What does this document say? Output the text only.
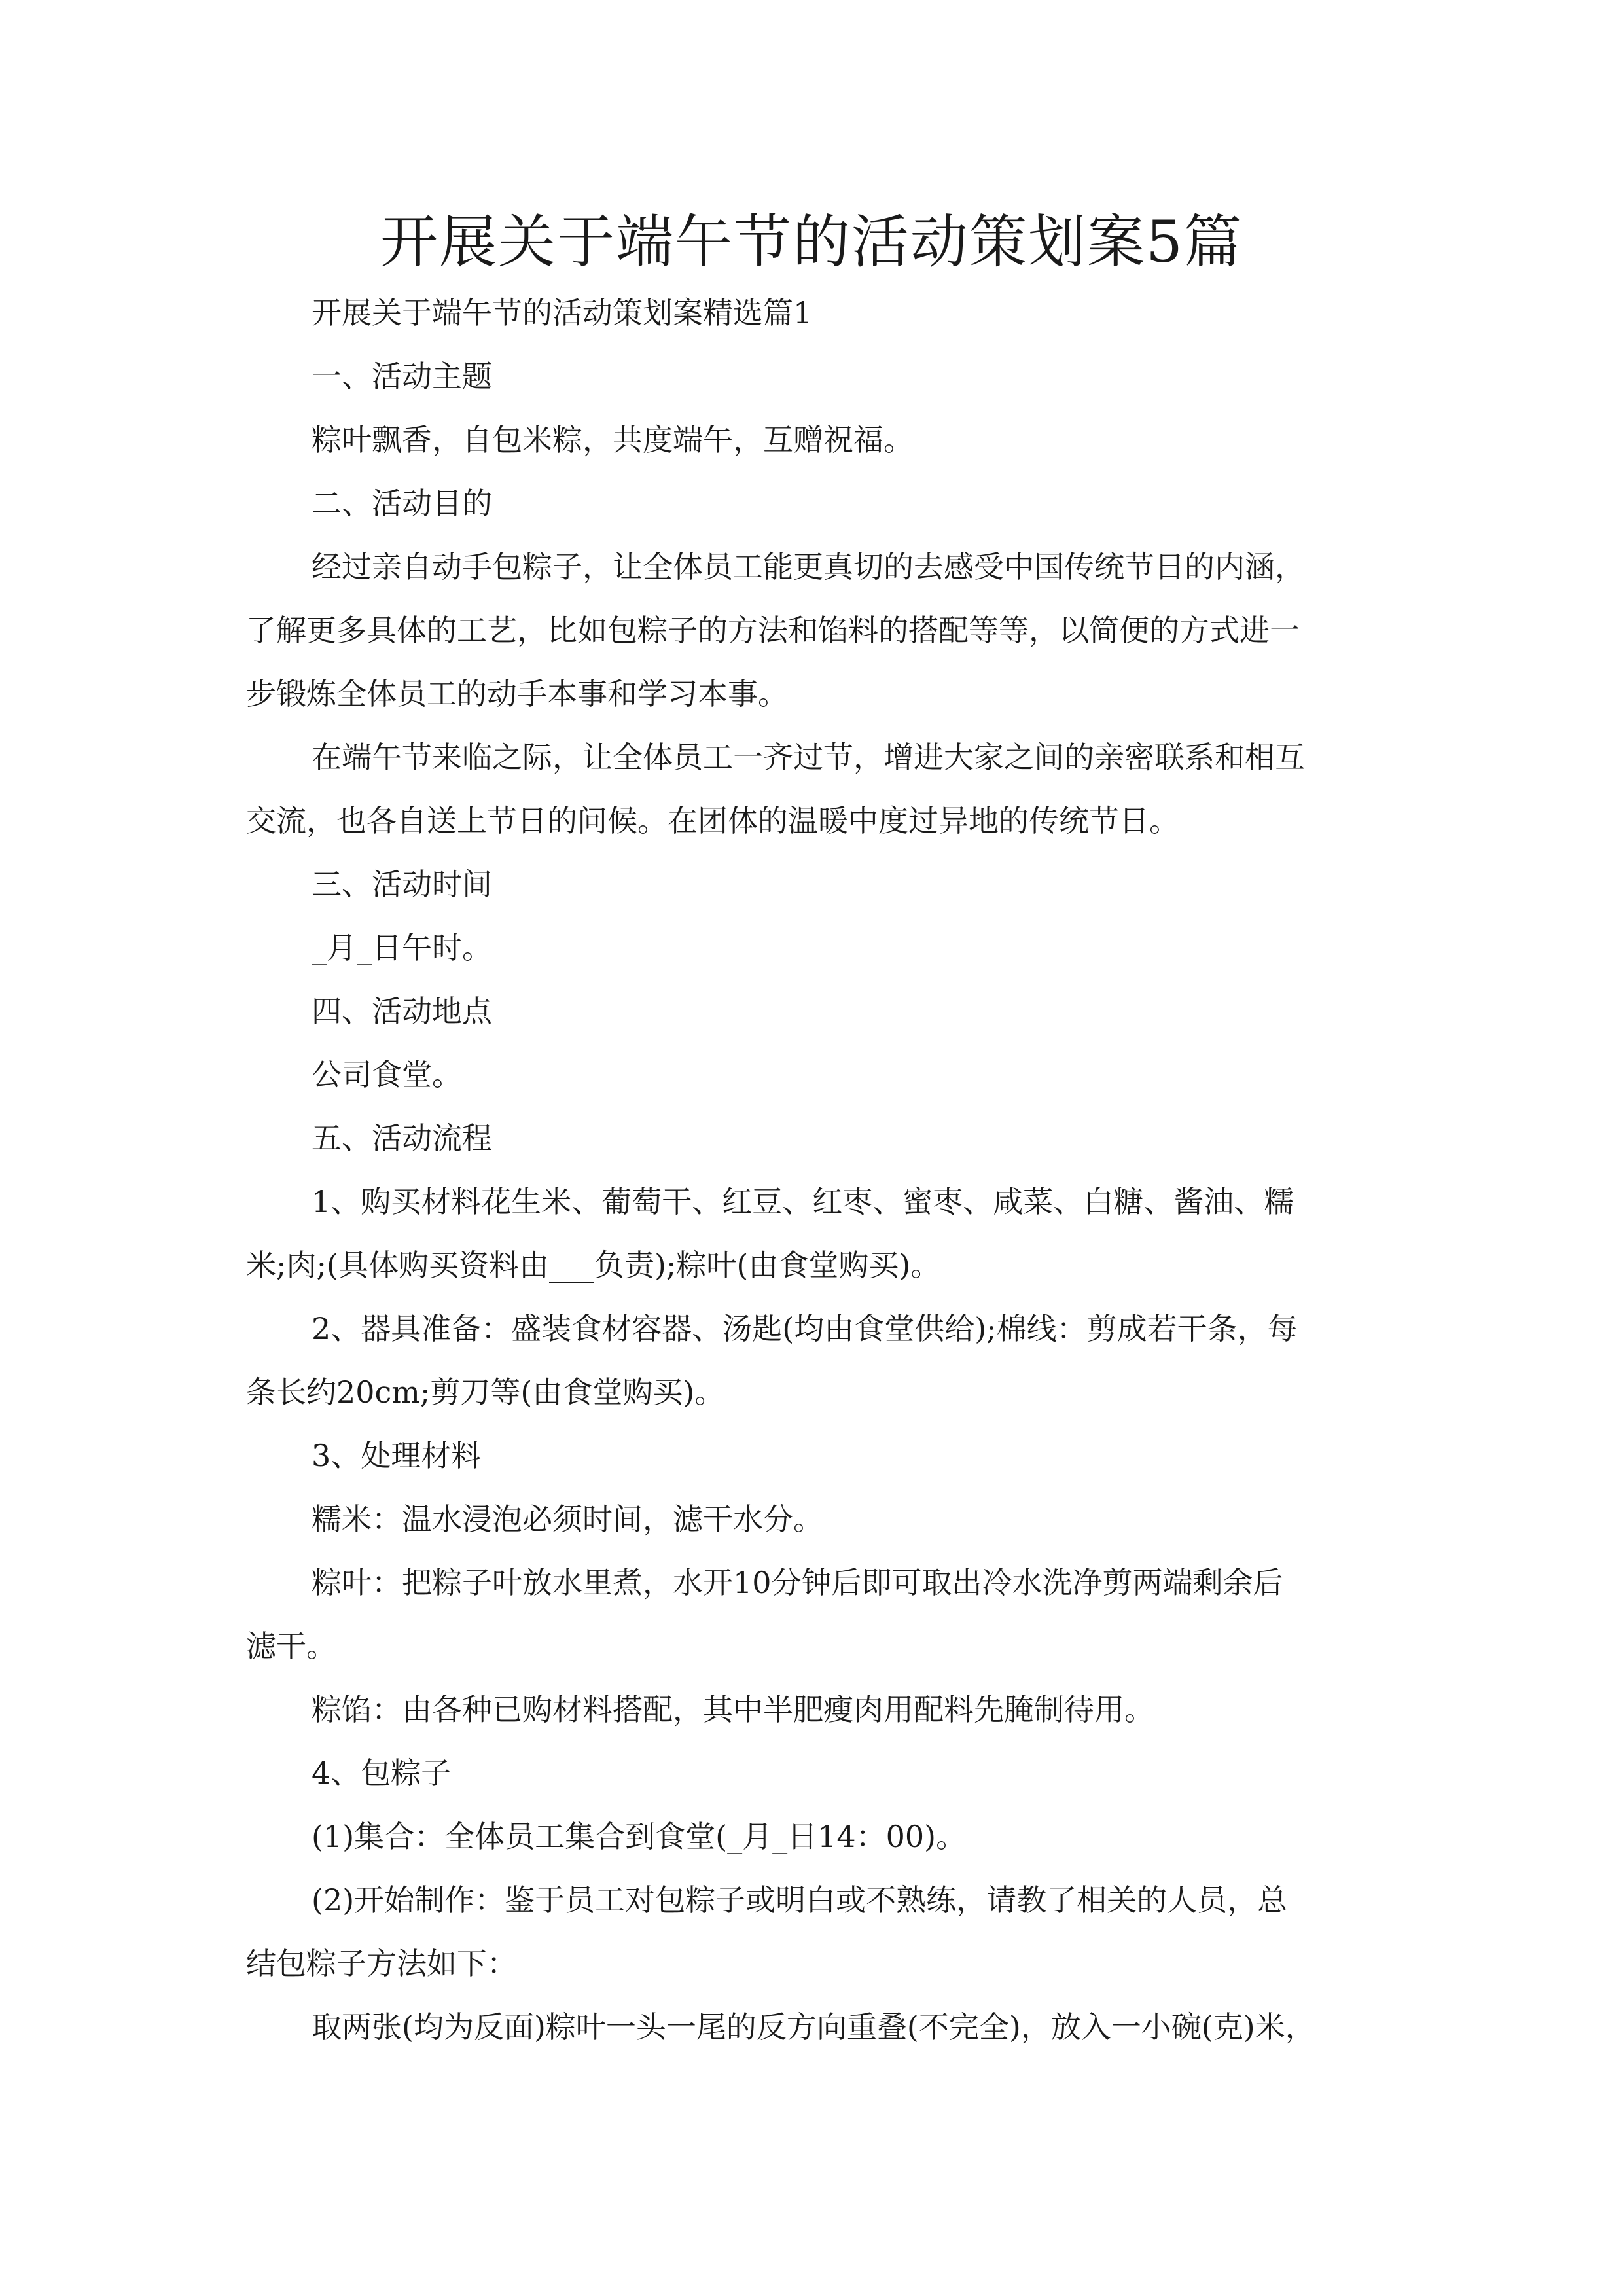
开展关于端午节的活动策划案5篇

开展关于端午节的活动策划案精选篇1

一、活动主题

粽叶飘香，自包米粽，共度端午，互赠祝福。

二、活动目的

经过亲自动手包粽子，让全体员工能更真切的去感受中国传统节日的内涵，
了解更多具体的工艺，比如包粽子的方法和馅料的搭配等等，以简便的方式进一
步锻炼全体员工的动手本事和学习本事。

在端午节来临之际，让全体员工一齐过节，增进大家之间的亲密联系和相互
交流，也各自送上节日的问候。在团体的温暖中度过异地的传统节日。

三、活动时间

_月_日午时。

四、活动地点

公司食堂。

五、活动流程

1、购买材料花生米、葡萄干、红豆、红枣、蜜枣、咸菜、白糖、酱油、糯
米;肉;(具体购买资料由___负责);粽叶(由食堂购买)。

2、器具准备：盛装食材容器、汤匙(均由食堂供给);棉线：剪成若干条，每
条长约20cm;剪刀等(由食堂购买)。

3、处理材料

糯米：温水浸泡必须时间，滤干水分。

粽叶：把粽子叶放水里煮，水开10分钟后即可取出冷水洗净剪两端剩余后
滤干。

粽馅：由各种已购材料搭配，其中半肥瘦肉用配料先腌制待用。

4、包粽子

(1)集合：全体员工集合到食堂(_月_日14：00)。

(2)开始制作：鉴于员工对包粽子或明白或不熟练，请教了相关的人员，总
结包粽子方法如下：

取两张(均为反面)粽叶一头一尾的反方向重叠(不完全)，放入一小碗(克)米，
